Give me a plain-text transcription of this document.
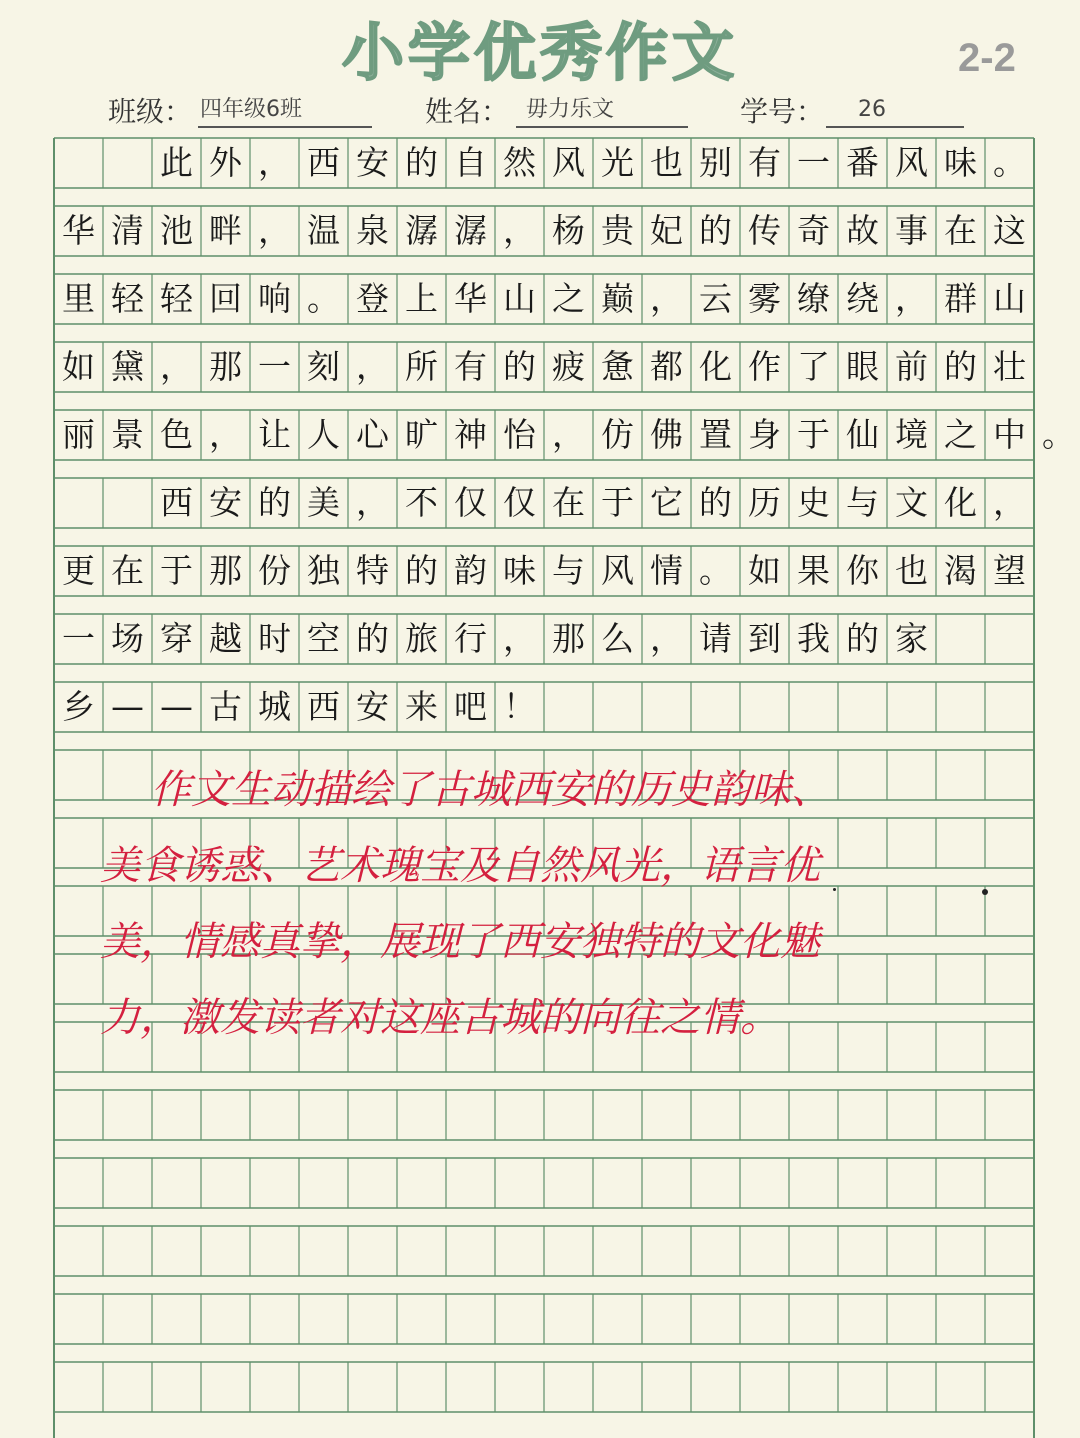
小学优秀作文	2-2
班级： 四年级6班	姓名： 毋力乐文	学号： 26
此 外 ， 西 安 的 自 然 风 光 也 别 有 一 番 风 味 。
华 清 池 畔 ， 温 泉 潺 潺 ， 杨 贵 妃 的 传 奇 故 事 在 这
里 轻 轻 回 响 。 登 上 华 山 之 巅 ， 云 雾 缭 绕 ， 群 山
如 黛 ， 那 一 刻 ， 所 有 的 疲 惫 都 化 作 了 眼 前 的 壮
丽 景 色 ， 让 人 心 旷 神 怡 ， 仿 佛 置 身 于 仙 境 之 中 。
西 安 的 美 ， 不 仅 仅 在 于 它 的 历 史 与 文 化 ，
更 在 于 那 份 独 特 的 韵 味 与 风 情 。 如 果 你 也 渴 望
一 场 穿 越 时 空 的 旅 行 ， 那 么 ， 请 到 我 的 家
乡 — — 古 城 西 安 来 吧 ！
作文生动描绘了古城西安的历史韵味、
美食诱惑、艺术瑰宝及自然风光，语言优
美，情感真挚，展现了西安独特的文化魅
力，激发读者对这座古城的向往之情。
